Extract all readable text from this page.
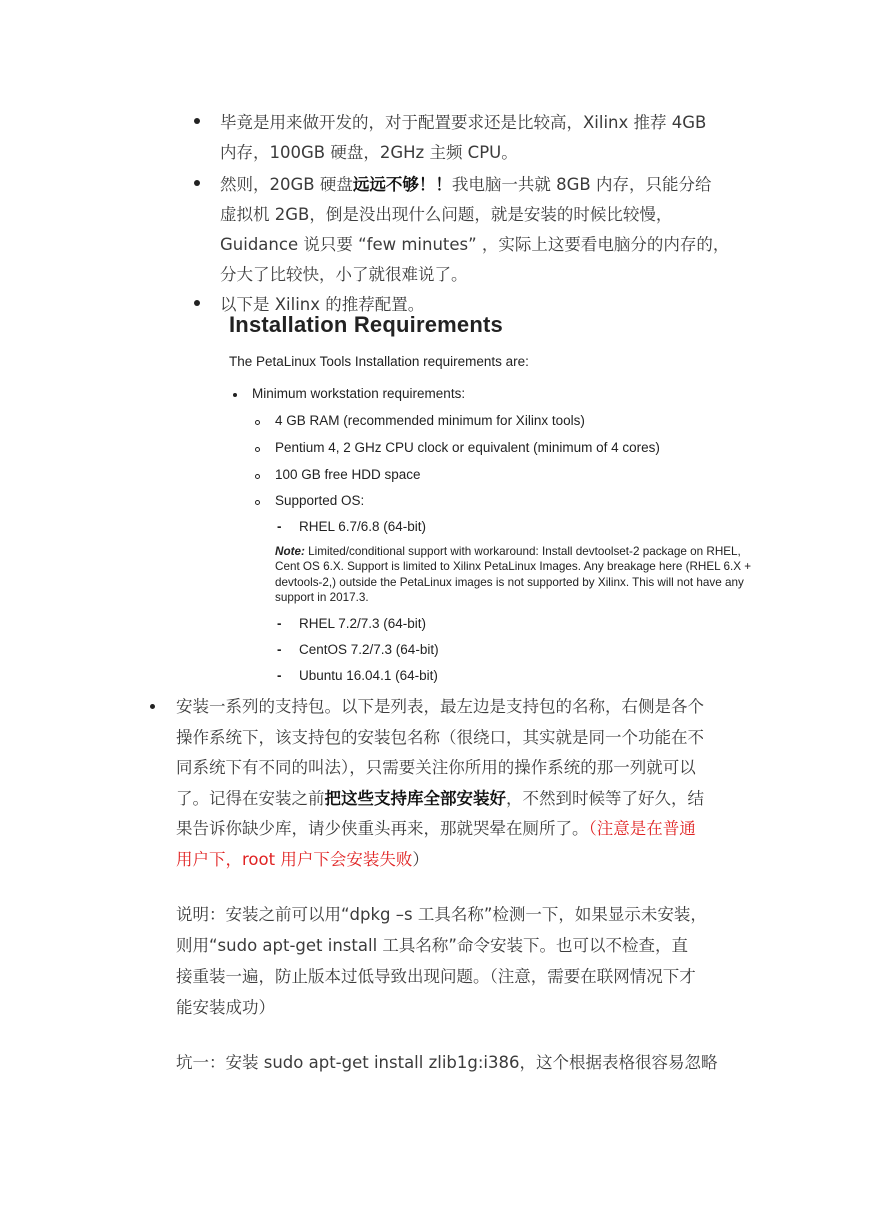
毕竟是用来做开发的，对于配置要求还是比较高，Xilinx 推荐 4GB

内存，100GB 硬盘，2GHz 主频 CPU。

然则，20GB 硬盘远远不够！！我电脑一共就 8GB 内存，只能分给

虚拟机 2GB，倒是没出现什么问题，就是安装的时候比较慢，

Guidance 说只要 “few minutes” ，实际上这要看电脑分的内存的，

分大了比较快，小了就很难说了。

以下是 Xilinx 的推荐配置。

Installation Requirements
The PetaLinux Tools Installation requirements are:
Minimum workstation requirements:
4 GB RAM (recommended minimum for Xilinx tools)
Pentium 4, 2 GHz CPU clock or equivalent (minimum of 4 cores)
100 GB free HDD space
Supported OS:
- RHEL 6.7/6.8 (64-bit)
Note: Limited/conditional support with workaround: Install devtoolset-2 package on RHEL,
Cent OS 6.X. Support is limited to Xilinx PetaLinux Images. Any breakage here (RHEL 6.X +
devtools-2,) outside the PetaLinux images is not supported by Xilinx. This will not have any
support in 2017.3.
- RHEL 7.2/7.3 (64-bit)
- CentOS 7.2/7.3 (64-bit)
- Ubuntu 16.04.1 (64-bit)

安装一系列的支持包。以下是列表，最左边是支持包的名称，右侧是各个

操作系统下，该支持包的安装包名称（很绕口，其实就是同一个功能在不

同系统下有不同的叫法），只需要关注你所用的操作系统的那一列就可以

了。记得在安装之前把这些支持库全部安装好，不然到时候等了好久，结

果告诉你缺少库，请少侠重头再来，那就哭晕在厕所了。（注意是在普通

用户下，root 用户下会安装失败）

说明：安装之前可以用“dpkg –s 工具名称”检测一下，如果显示未安装，
则用“sudo apt-get install 工具名称”命令安装下。也可以不检查，直
接重装一遍，防止版本过低导致出现问题。（注意，需要在联网情况下才
能安装成功）
坑一：安装 sudo apt-get install zlib1g:i386，这个根据表格很容易忽略
